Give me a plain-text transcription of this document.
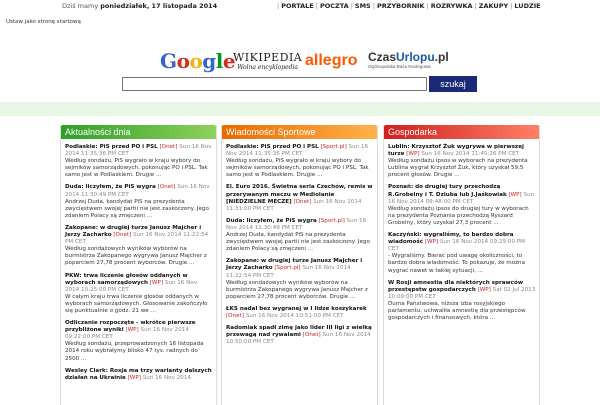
Dziś mamy poniedziałek, 17 listopada 2014	| PORTALE | POCZTA | SMS | PRZYBORNIK | ROZRYWKA | ZAKUPY | LUDZIE
Ustaw jako stronę startową
Google
WIKIPEDIA
Wolna encyklopedia allegro CzasUrlopu.pl
Ogólnopolska Baza Noclegowa
szukaj
Aktualności dnia
Podlaskie: PiS przed PO i PSL [Onet] Sun 16 Nov 2014 11:35:36 PM CET
Według sondażu, PiS wygrało w kraju wybory do sejmików samorządowych, pokonując PO i PSL. Tak samo jest w Podlaskiem. Drugie ...
Duda: liczyłem, że PiS wygra [Onet] Sun 16 Nov 2014 11:30:49 PM CET
Andrzej Duda, kandydat PiS na prezydenta zwycięstwem swojej partii nie jest zaskoczony. Jego zdaniem Polacy są zmęczeni ...
Zakopane: w drugiej turze Janusz Majcher i Jerzy Zacharko [Onet] Sun 16 Nov 2014 11:22:54 PM CET
Według sondażowych wyników wyborów na burmistrza Zakopanego wygrywa Janusz Majcher z poparciem 27,78 procent wyborców. Drugie ...
PKW: trwa liczenie głosów oddanych w wyborach samorządowych [WP] Sun 16 Nov 2014 10:25:00 PM CET
W całym kraju trwa liczenie głosów oddanych w wyborach samorządowych. Głosowanie zakończyło się punktualnie o godz. 21 we ...
Odliczanie rozpoczęte - wkrótce pierwsze przybliżone wyniki [WP] Sun 16 Nov 2014 09:22:00 PM CET
Według sondażu, przeprowadzonych 16 listopada 2014 roku wybrałymy blisko 47 tys. radnych do 2500 ...
Wesley Clark: Rosja ma trzy warianty dalszych działań na Ukrainie [WP] Sun 16 Nov 2014
Wiadomości Sportowe
Podlaskie: PiS przed PO i PSL [Sport.pl] Sun 16 Nov 2014 11:35:36 PM CET
Według sondażu, PiS wygrało w kraju wybory do sejmików samorządowych, pokonując PO i PSL. Tak samo jest w Podlaskiem. Drugie ...
El. Euro 2016. Świetna seria Czechów, remis w przerywanym meczu w Mediolanie [NIEDZIELNE MECZE] [Onet] Sun 16 Nov 2014 11:31:00 PM CET
Duda: liczyłem, że PiS wygra [Sport.pl] Sun 16 Nov 2014 11:30:49 PM CET
Andrzej Duda, kandydat PiS na prezydenta zwycięstwem swojej partii nie jest zaskoczony. Jego zdaniem Polacy są zmęczeni ...
Zakopane: w drugiej turze Janusz Majcher i Jerzy Zacharko [Sport.pl] Sun 16 Nov 2014 11:22:54 PM CET
Według sondażowych wyników wyborów na burmistrza Zakopanego wygrywa Janusz Majcher z poparciem 27,78 procent wyborców. Drugie ...
ŁKS nadal bez wygranej w I lidze koszykarek [Onet] Sun 16 Nov 2014 10:51:00 PM CET
Radomiak spadł zimę jako lider III ligi z wielką przewagą nad rywalami [Onet] Sun 16 Nov 2014 10:50:00 PM CET
Gospodarka
Lublin: Krzysztof Żuk wygrywa w pierwszej turze [WP] Sun 16 Nov 2014 11:45:26 PM CET
Według sondażu ipsos w wyborach na prezydenta Lublina wygrał Krzysztof Żuk, który uzyskał 59,5 procent głosów. Drugie ...
Poznań: do drugiej tury przechodzą R.Grobelny i T. Dziuba lub J.Jaśkowiak [WP] Sun 16 Nov 2014 09:48:00 PM CET
Według sondażu ipsos do drugiej tury w wyborach na prezydenta Poznania przechodzą Ryszard Grobelny, który uzyskał 27,3 procent ...
Kaczyński: wygraliśmy, to bardzo dobra wiadomość [WP] Sun 16 Nov 2014 09:29:00 PM CET
- Wygraliśmy. Bierać pod uwagę okoliczności, to bardzo dobra wiadomość. To pokazuje, że można wygrać nawet w takiej sytuacji, ...
W Rosji amnestia dla niektórych sprawców przestępstw gospodarczych [WP] Sat 02 Jul 2013 10:09:00 PM CET
Duma Państwowa, niższa izba rosyjskiego parlamentu, uchwaliła amnestię dla przestępców gospodarczych i finansowych, która ...
